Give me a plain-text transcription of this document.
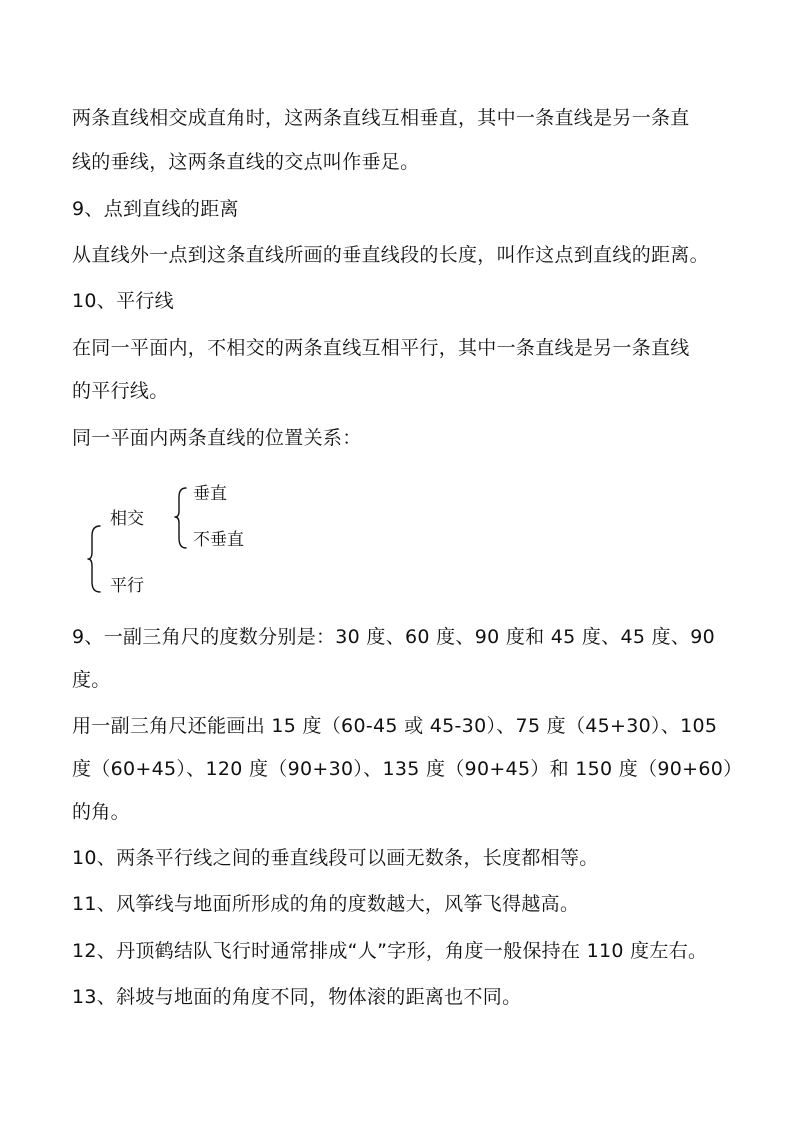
两条直线相交成直角时，这两条直线互相垂直，其中一条直线是另一条直
线的垂线，这两条直线的交点叫作垂足。
9、点到直线的距离
从直线外一点到这条直线所画的垂直线段的长度，叫作这点到直线的距离。
10、平行线
在同一平面内，不相交的两条直线互相平行，其中一条直线是另一条直线
的平行线。
同一平面内两条直线的位置关系：
相交
垂直
不垂直
平行
9、一副三角尺的度数分别是：30 度、60 度、90 度和 45 度、45 度、90
度。
用一副三角尺还能画出 15 度（60-45 或 45-30）、75 度（45+30）、105
度（60+45）、120 度（90+30）、135 度（90+45）和 150 度（90+60）
的角。
10、两条平行线之间的垂直线段可以画无数条，长度都相等。
11、风筝线与地面所形成的角的度数越大，风筝飞得越高。
12、丹顶鹤结队飞行时通常排成“人”字形，角度一般保持在 110 度左右。
13、斜坡与地面的角度不同，物体滚的距离也不同。
